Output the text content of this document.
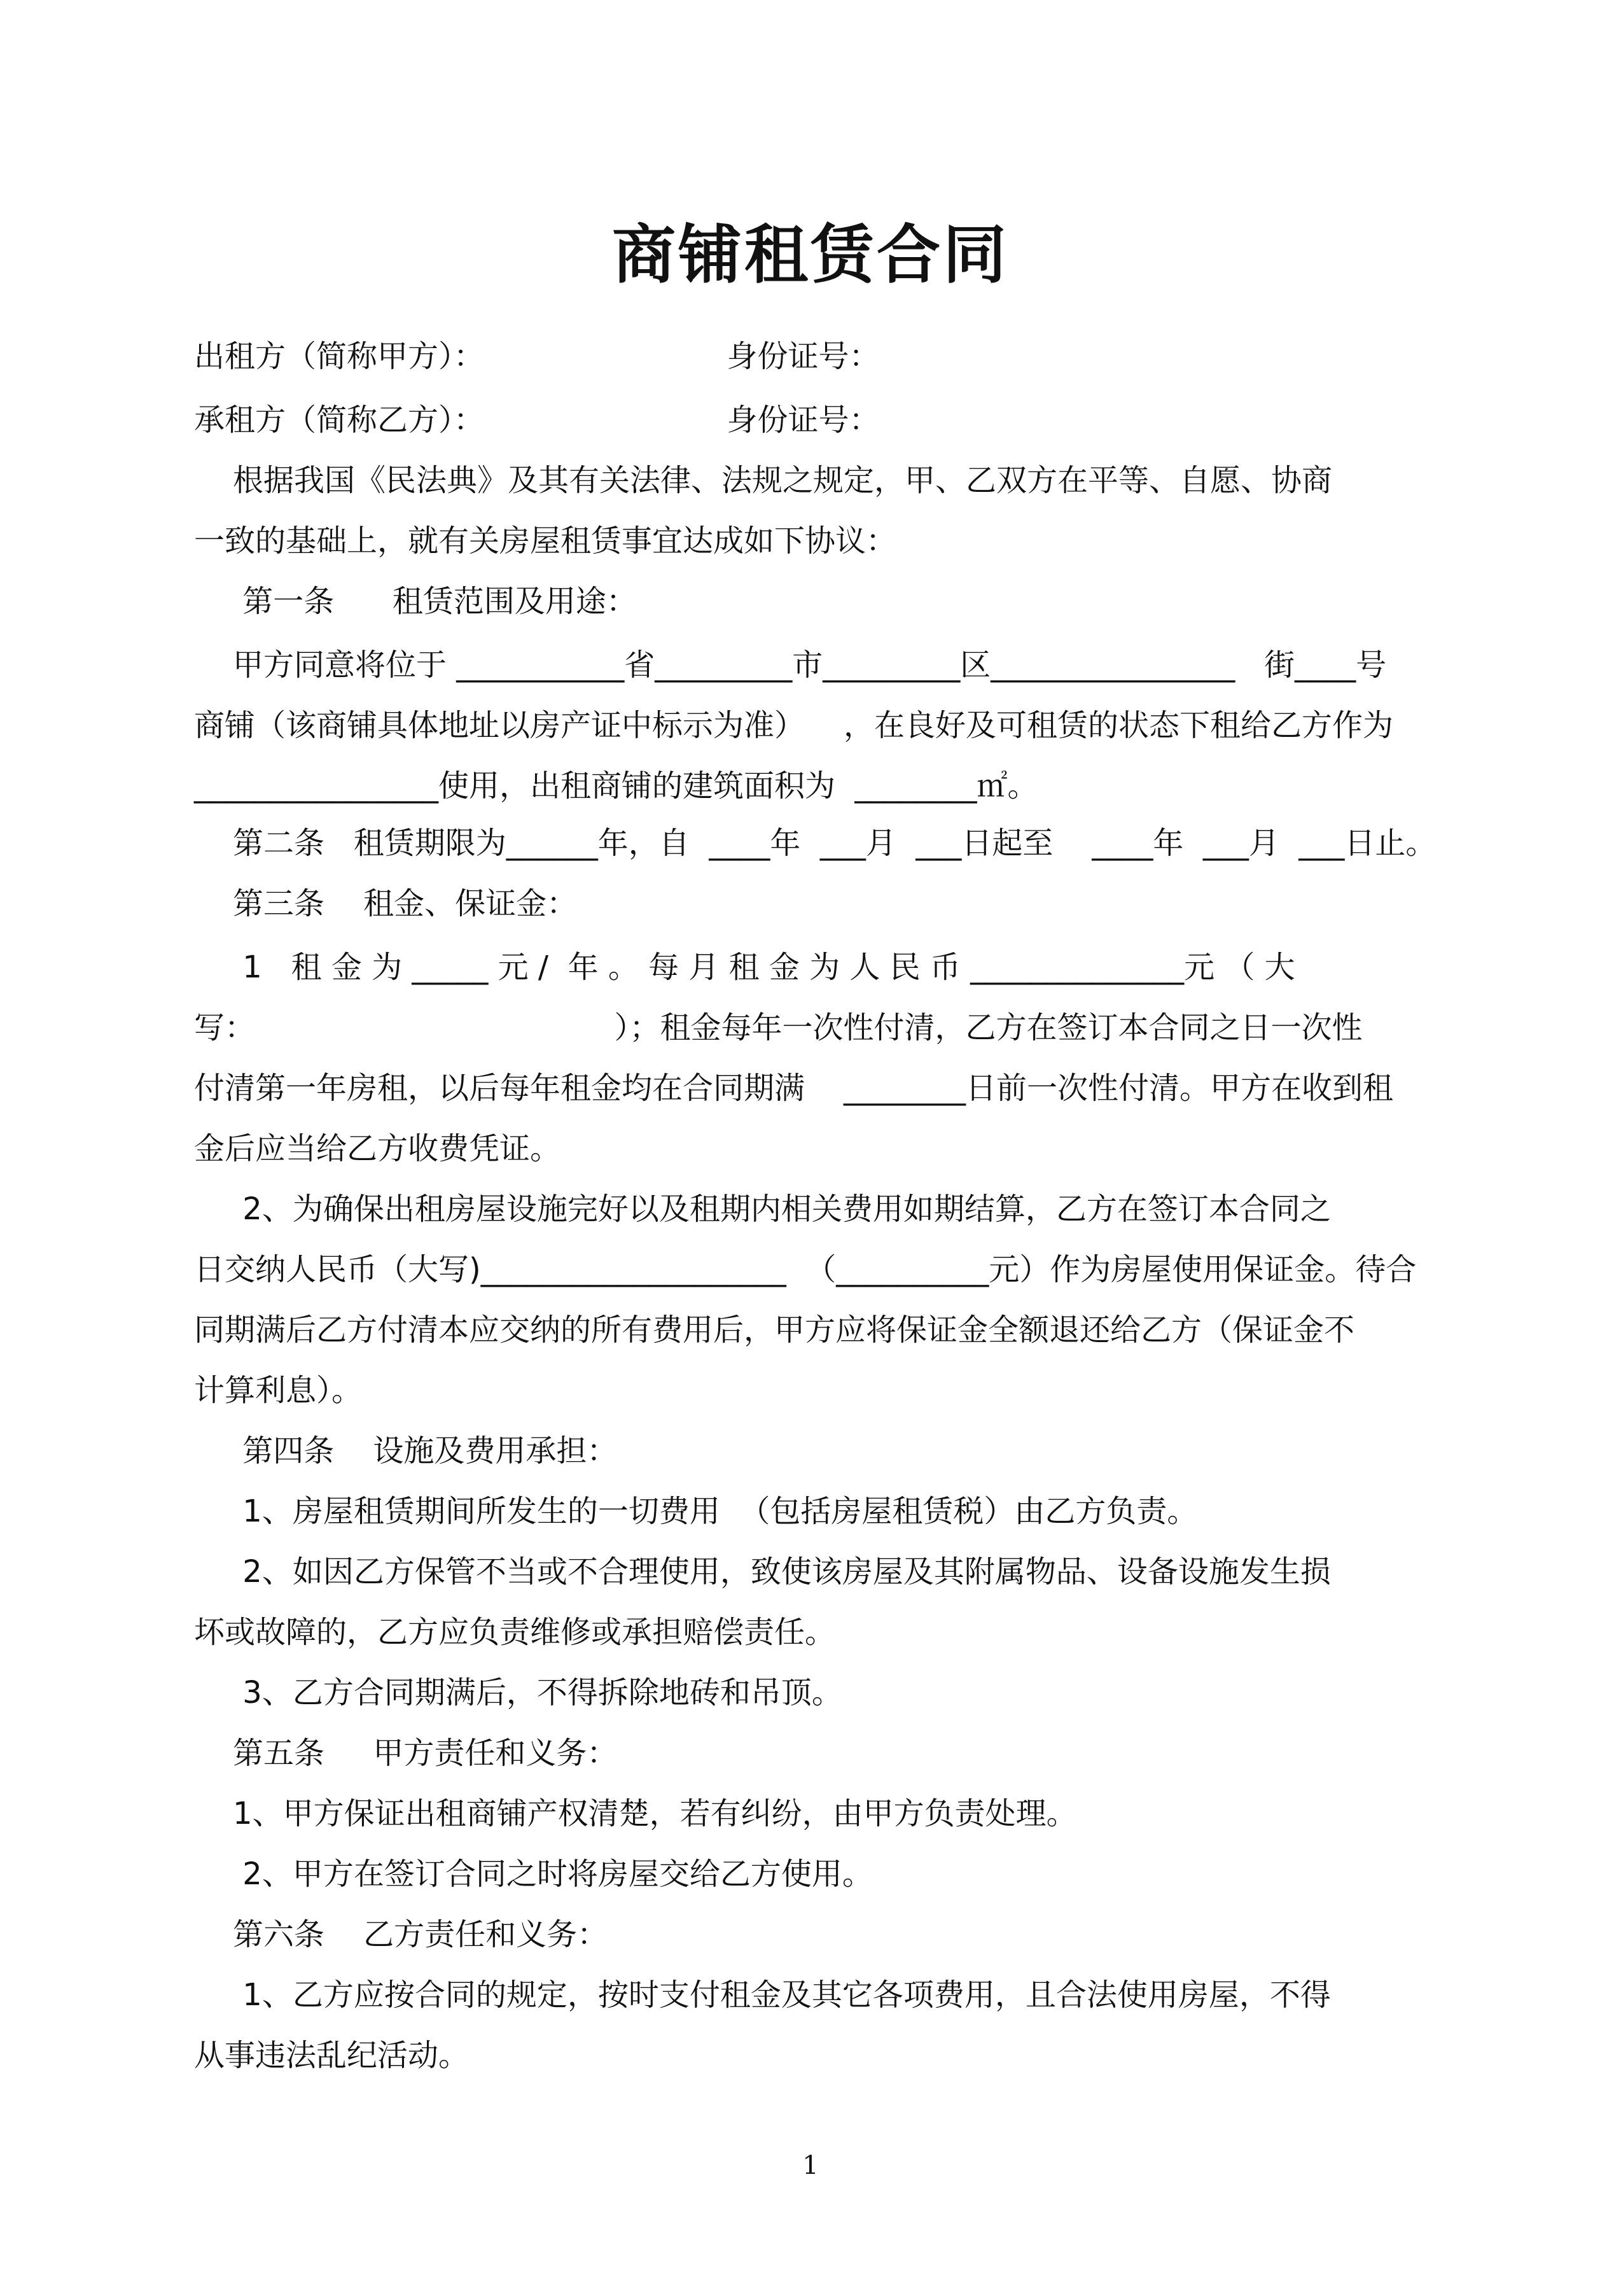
商铺租赁合同
出租方（简称甲方）：                         身份证号：
承租方（简称乙方）：                         身份证号：
根据我国《民法典》及其有关法律、法规之规定，甲、乙双方在平等、自愿、协商
一致的基础上，就有关房屋租赁事宜达成如下协议：
第一条      租赁范围及用途：
甲方同意将位于 ___________省_________市_________区________________   街____号
商铺（该商铺具体地址以房产证中标示为准）    ，在良好及可租赁的状态下租给乙方作为
________________使用，出租商铺的建筑面积为  ________㎡。
第二条   租赁期限为______年，自  ____年  ___月  ___日起至    ____年  ___月  ___日止。
第三条    租金、保证金：
1   租 金 为 _____ 元 /  年 。 每 月 租 金 为 人 民 币 ______________元 （ 大
写：                                     ）；租金每年一次性付清，乙方在签订本合同之日一次性
付清第一年房租，以后每年租金均在合同期满    ________日前一次性付清。甲方在收到租
金后应当给乙方收费凭证。
2、为确保出租房屋设施完好以及租期内相关费用如期结算，乙方在签订本合同之
日交纳人民币（大写)____________________  （__________元）作为房屋使用保证金。待合
同期满后乙方付清本应交纳的所有费用后，甲方应将保证金全额退还给乙方（保证金不
计算利息）。
第四条    设施及费用承担：
1、房屋租赁期间所发生的一切费用  （包括房屋租赁税）由乙方负责。
2、如因乙方保管不当或不合理使用，致使该房屋及其附属物品、设备设施发生损
坏或故障的，乙方应负责维修或承担赔偿责任。
3、乙方合同期满后，不得拆除地砖和吊顶。
第五条     甲方责任和义务：
1、甲方保证出租商铺产权清楚，若有纠纷，由甲方负责处理。
2、甲方在签订合同之时将房屋交给乙方使用。
第六条    乙方责任和义务：
1、乙方应按合同的规定，按时支付租金及其它各项费用，且合法使用房屋，不得
从事违法乱纪活动。
1
